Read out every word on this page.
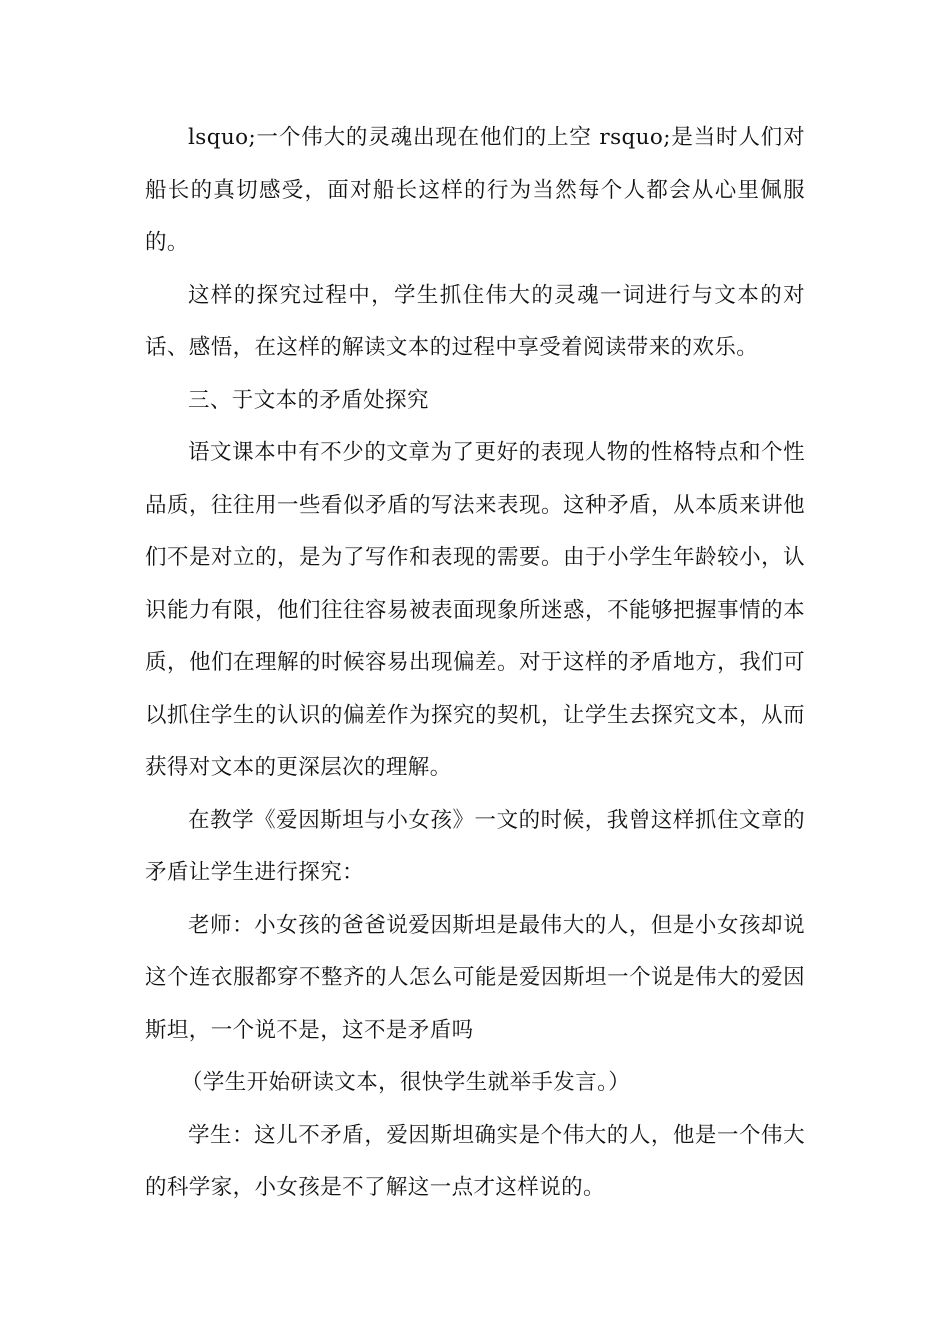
lsquo;一个伟大的灵魂出现在他们的上空 rsquo;是当时人们对船长的真切感受，面对船长这样的行为当然每个人都会从心里佩服的。

这样的探究过程中，学生抓住伟大的灵魂一词进行与文本的对话、感悟，在这样的解读文本的过程中享受着阅读带来的欢乐。

三、于文本的矛盾处探究

语文课本中有不少的文章为了更好的表现人物的性格特点和个性品质，往往用一些看似矛盾的写法来表现。这种矛盾，从本质来讲他们不是对立的，是为了写作和表现的需要。由于小学生年龄较小，认识能力有限，他们往往容易被表面现象所迷惑，不能够把握事情的本质，他们在理解的时候容易出现偏差。对于这样的矛盾地方，我们可以抓住学生的认识的偏差作为探究的契机，让学生去探究文本，从而获得对文本的更深层次的理解。

在教学《爱因斯坦与小女孩》一文的时候，我曾这样抓住文章的矛盾让学生进行探究：

老师：小女孩的爸爸说爱因斯坦是最伟大的人，但是小女孩却说这个连衣服都穿不整齐的人怎么可能是爱因斯坦一个说是伟大的爱因斯坦，一个说不是，这不是矛盾吗

（学生开始研读文本，很快学生就举手发言。）

学生：这儿不矛盾，爱因斯坦确实是个伟大的人，他是一个伟大的科学家，小女孩是不了解这一点才这样说的。
